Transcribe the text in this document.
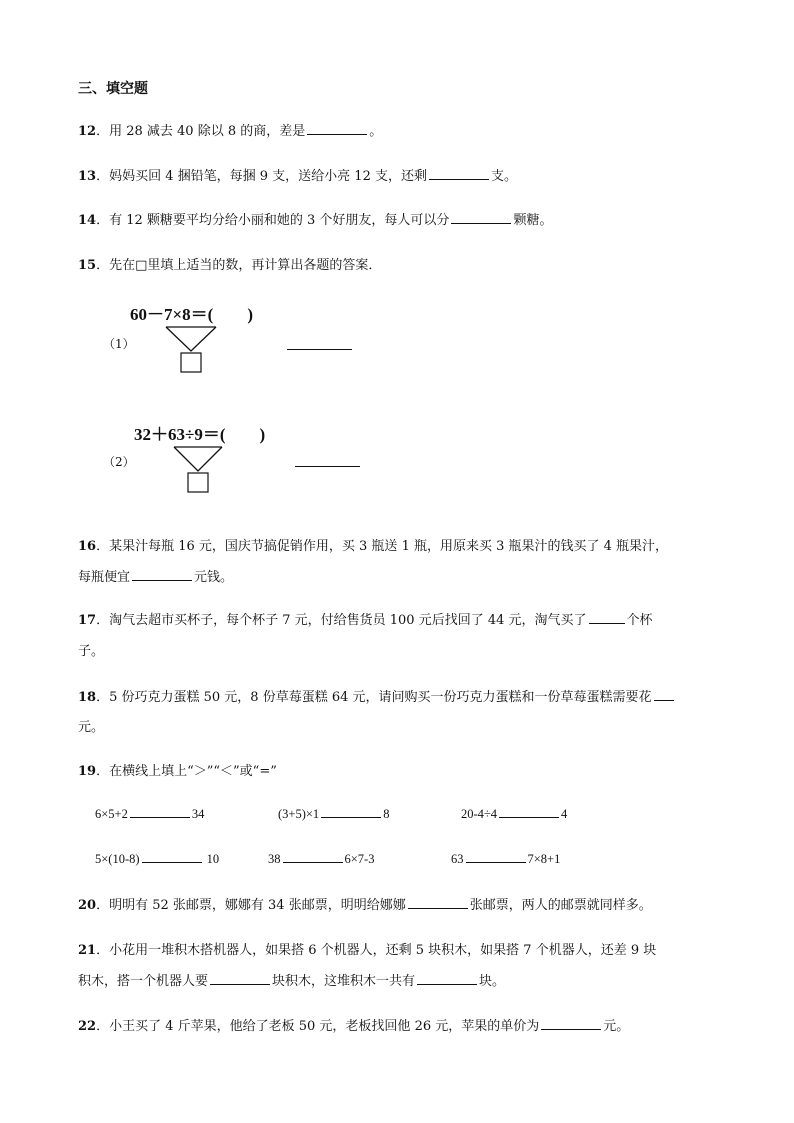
三、填空题
12．用 28 减去 40 除以 8 的商，差是	。
13．妈妈买回 4 捆铅笔，每捆 9 支，送给小亮 12 支，还剩	支。
14．有 12 颗糖要平均分给小丽和她的 3 个好朋友，每人可以分	颗糖。
15．先在□里填上适当的数，再计算出各题的答案．
60－7×8＝(　　)
（1）
32＋63÷9＝(　　)
（2）
16．某果汁每瓶 16 元，国庆节搞促销作用，买 3 瓶送 1 瓶，用原来买 3 瓶果汁的钱买了 4 瓶果汁，
每瓶便宜	元钱。
17．淘气去超市买杯子，每个杯子 7 元，付给售货员 100 元后找回了 44 元，淘气买了	个杯
子。
18．5 份巧克力蛋糕 50 元，8 份草莓蛋糕 64 元，请问购买一份巧克力蛋糕和一份草莓蛋糕需要花
元。
19．在横线上填上“＞”“＜”或“=”
6×5+2	34	(3+5)×1	8	20-4÷4	4
5×(10-8)	10	38	6×7-3	63	7×8+1
20．明明有 52 张邮票，娜娜有 34 张邮票，明明给娜娜	张邮票，两人的邮票就同样多。
21．小花用一堆积木搭机器人，如果搭 6 个机器人，还剩 5 块积木，如果搭 7 个机器人，还差 9 块
积木，搭一个机器人要	块积木，这堆积木一共有	块。
22．小王买了 4 斤苹果，他给了老板 50 元，老板找回他 26 元，苹果的单价为	元。
